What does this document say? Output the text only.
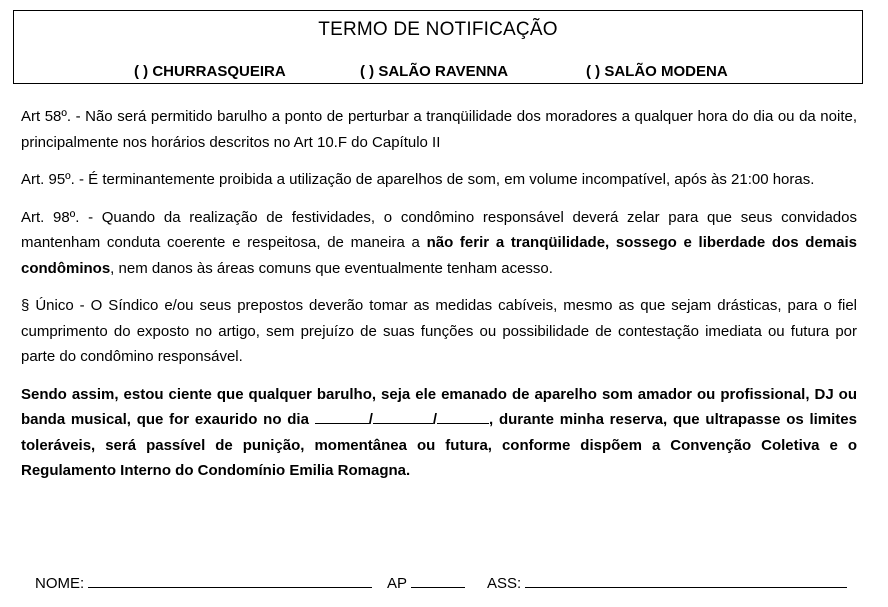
TERMO DE NOTIFICAÇÃO
( ) CHURRASQUEIRA	( ) SALÃO RAVENNA	( ) SALÃO MODENA

Art 58º. - Não será permitido barulho a ponto de perturbar a tranqüilidade dos moradores a qualquer hora do dia ou da noite, principalmente nos horários descritos no Art 10.F do Capítulo II

Art. 95º. - É terminantemente proibida a utilização de aparelhos de som, em volume incompatível, após às 21:00 horas.

Art. 98º. - Quando da realização de festividades, o condômino responsável deverá zelar para que seus convidados mantenham conduta coerente e respeitosa, de maneira a não ferir a tranqüilidade, sossego e liberdade dos demais condôminos, nem danos às áreas comuns que eventualmente tenham acesso.

§ Único - O Síndico e/ou seus prepostos deverão tomar as medidas cabíveis, mesmo as que sejam drásticas, para o fiel cumprimento do exposto no artigo, sem prejuízo de suas funções ou possibilidade de contestação imediata ou futura por parte do condômino responsável.

Sendo assim, estou ciente que qualquer barulho, seja ele emanado de aparelho som amador ou profissional, DJ ou banda musical, que for exaurido no dia	/	/	, durante minha reserva, que ultrapasse os limites toleráveis, será passível de punição, momentânea ou futura, conforme dispõem a Convenção Coletiva e o Regulamento Interno do Condomínio Emilia Romagna.

NOME:	AP	ASS:
